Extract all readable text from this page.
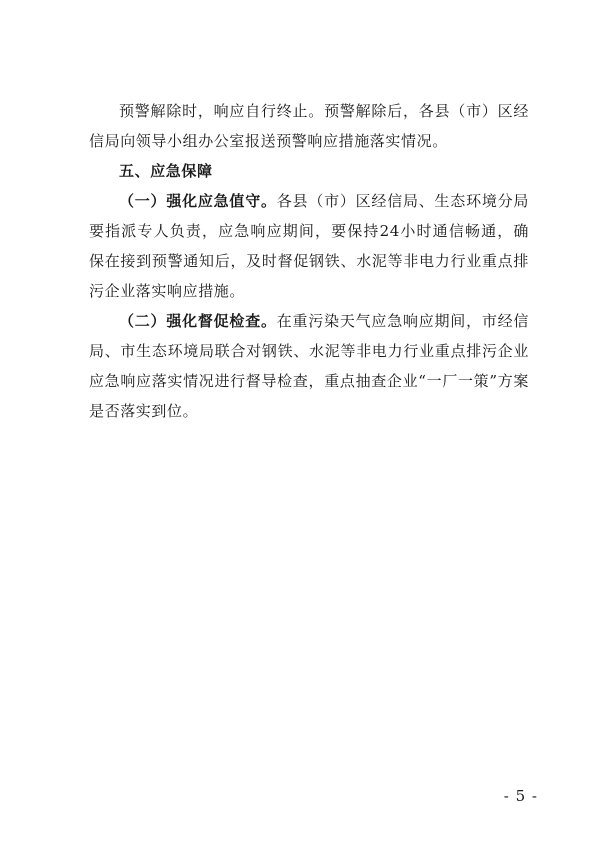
预警解除时，响应自行终止。预警解除后，各县（市）区经信局向领导小组办公室报送预警响应措施落实情况。

五、应急保障

（一）强化应急值守。各县（市）区经信局、生态环境分局要指派专人负责，应急响应期间，要保持24小时通信畅通，确保在接到预警通知后，及时督促钢铁、水泥等非电力行业重点排污企业落实响应措施。

（二）强化督促检查。在重污染天气应急响应期间，市经信局、市生态环境局联合对钢铁、水泥等非电力行业重点排污企业应急响应落实情况进行督导检查，重点抽查企业“一厂一策”方案是否落实到位。

- 5 -
